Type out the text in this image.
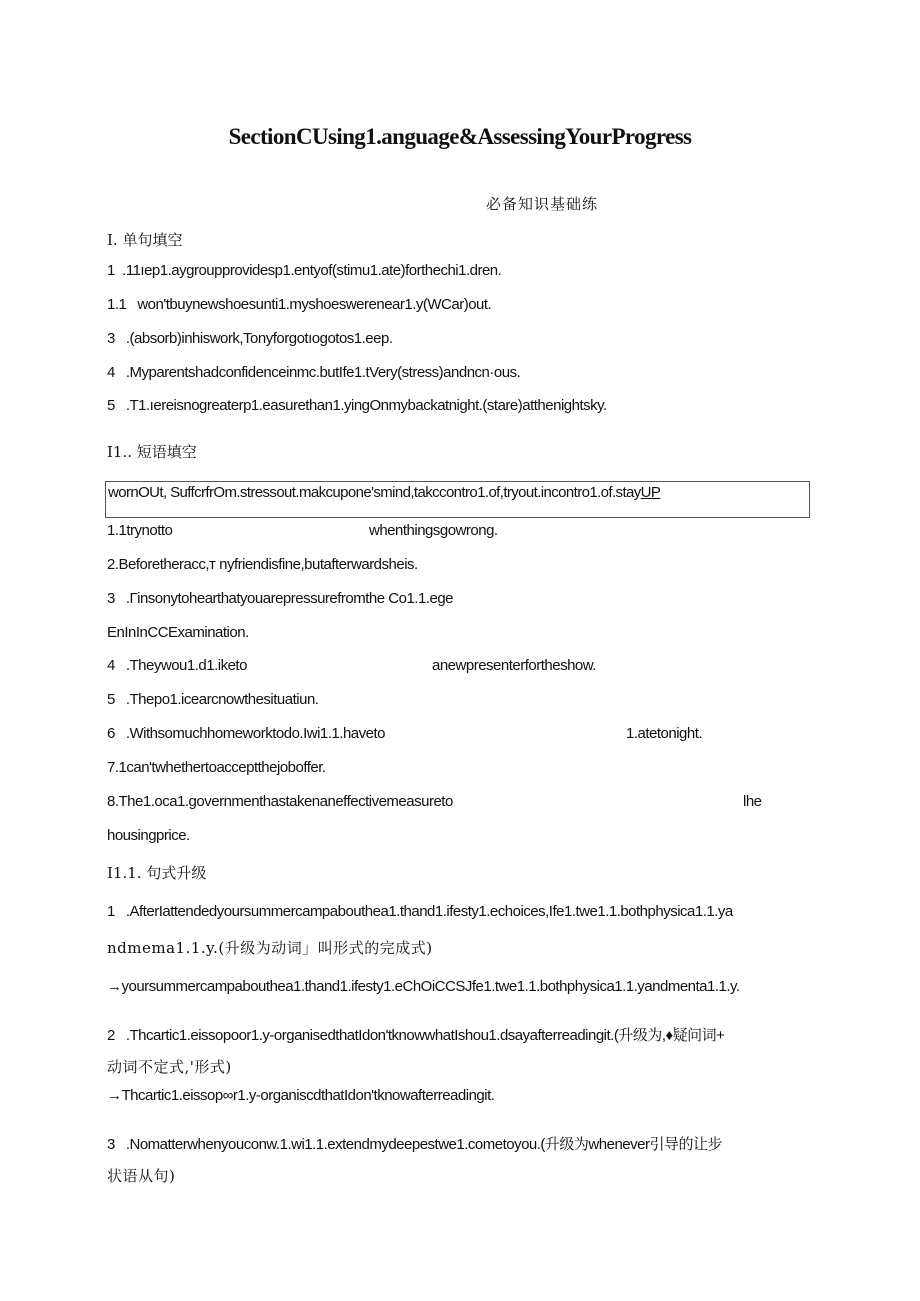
SectionCUsing1.anguage&AssessingYourProgress
必备知识基础练
I. 单句填空
1  .11ıep1.aygroupprovidesp1.entyof(stimu1.ate)forthechi1.dren.
1.1   won'tbuynewshoesunti1.myshoeswerenear1.y(WCar)out.
3   .(absorb)inhiswork,Tonyforgotıogotos1.eep.
4   .Myparentshadconfidenceinmc.butIfe1.tVery(stress)andncn·ous.
5   .T1.ıereisnogreaterp1.easurethan1.yingOnmybackatnight.(stare)atthenightsky.
I1.. 短语填空
wornOUt, SuffcrfrOm.stressout.makcupone'smind,takccontro1.of,tryout.incontro1.of.stayUP
1.1trynotto	whenthingsgowrong.
2.Beforetheracc,т nyfriendisfine,butafterwardsheis.
3   .Гinsonytohearthatyouarepressurefromthe Co1.1.ege
EnInInCCExamination.
4   .Theywou1.d1.iketo	anewpresenterfortheshow.
5   .Thepo1.icearcnowthesituatiun.
6   .Withsomuchhomeworktodo.Iwi1.1.haveto	1.atetonight.
7.1can'twhethertoacceptthejoboffer.
8.The1.oca1.governmenthastakenaneffectivemeasureto	lhe
housingprice.
I1.1. 句式升级
1   .AfterIattendedyoursummercampabouthea1.thand1.ifesty1.echoices,Ife1.twe1.1.bothphysica1.1.ya
ndmema1.1.y.(升级为动词」叫形式的完成式)
→yoursummercampabouthea1.thand1.ifesty1.eChOiCCSJfe1.twe1.1.bothphysica1.1.yandmenta1.1.y.
2   .Thcartic1.eissopoor1.y-organisedthatIdon'tknowwhatIshou1.dsayafterreadingit.(升级为,♦疑问词+
动词不定式,'形式)
→Thcartic1.eissop∞r1.y-organiscdthatIdon'tknowafterreadingit.
3   .Nomatterwhenyouconw.1.wi1.1.extendmydeepestwe1.cometoyou.(升级为whenever引导的让步
状语从句)
